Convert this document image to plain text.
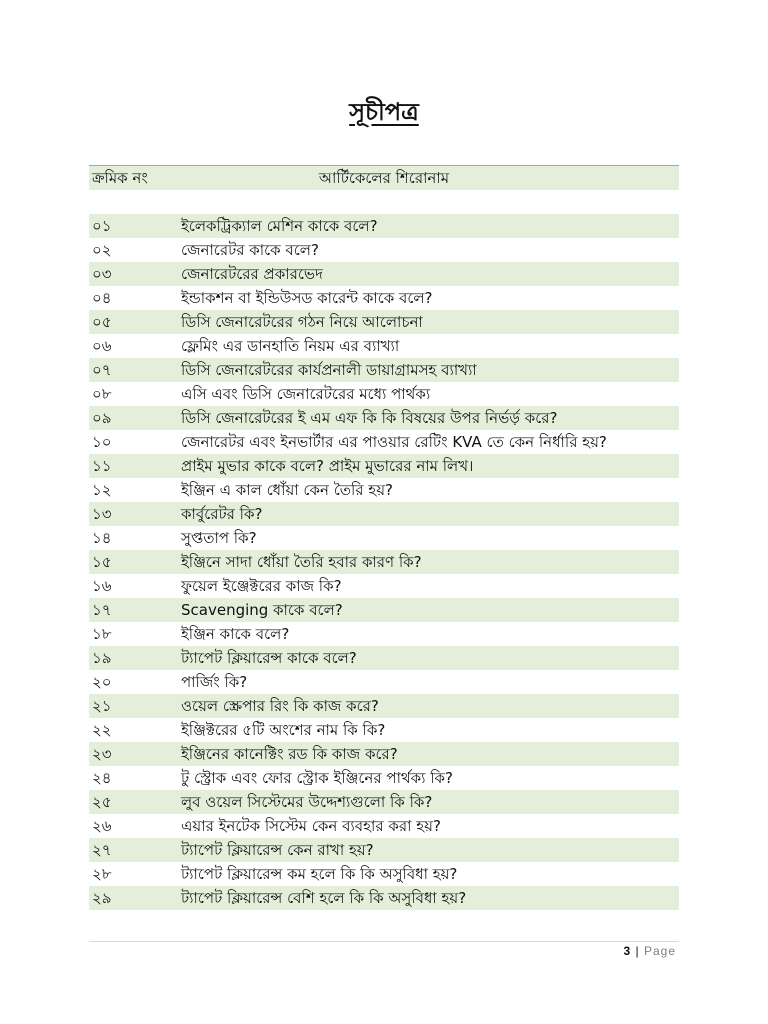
সূচীপত্র
ক্রমিক নং	আর্টিকেলের শিরোনাম
০১	ইলেকট্রিক্যাল মেশিন কাকে বলে?
০২	জেনারেটর কাকে বলে?
০৩	জেনারেটরের প্রকারভেদ
০৪	ইন্ডাকশন বা ইন্ডিউসড কারেন্ট কাকে বলে?
০৫	ডিসি জেনারেটরের গঠন নিয়ে আলোচনা
০৬	ফ্লেমিং এর ডানহাতি নিয়ম এর ব্যাখ্যা
০৭	ডিসি জেনারেটরের কার্যপ্রনালী ডায়াগ্রামসহ ব্যাখ্যা
০৮	এসি এবং ডিসি জেনারেটরের মধ্যে পার্থক্য
০৯	ডিসি জেনারেটরের ই এম এফ কি কি বিষয়ের উপর নির্ভর্ড় করে?
১০	জেনারেটর এবং ইনভার্টার এর পাওয়ার রেটিং KVA তে কেন নির্ধারি হয়?
১১	প্রাইম মুভার কাকে বলে? প্রাইম মুভারের নাম লিখ।
১২	ইঞ্জিন এ কাল ধোঁয়া কেন তৈরি হয়?
১৩	কার্বুরেটর কি?
১৪	সুপ্ততাপ কি?
১৫	ইঞ্জিনে সাদা ধোঁয়া তৈরি হবার কারণ কি?
১৬	ফুয়েল ইঞ্জেক্টরের কাজ কি?
১৭	Scavenging কাকে বলে?
১৮	ইঞ্জিন কাকে বলে?
১৯	ট্যাপেট ক্লিয়ারেন্স কাকে বলে?
২০	পার্জিং কি?
২১	ওয়েল স্ক্রেপার রিং কি কাজ করে?
২২	ইঞ্জিক্টরের ৫টি অংশের নাম কি কি?
২৩	ইঞ্জিনের কানেক্টিং রড কি কাজ করে?
২৪	টু স্ট্রোক এবং ফোর স্ট্রোক ইঞ্জিনের পার্থক্য কি?
২৫	লুব ওয়েল সিস্টেমের উদ্দেশ্যগুলো কি কি?
২৬	এয়ার ইনটেক সিস্টেম কেন ব্যবহার করা হয়?
২৭	ট্যাপেট ক্লিয়ারেন্স কেন রাখা হয়?
২৮	ট্যাপেট ক্লিয়ারেন্স কম হলে কি কি অসুবিধা হয়?
২৯	ট্যাপেট ক্লিয়ারেন্স বেশি হলে কি কি অসুবিধা হয়?
3 | Page
